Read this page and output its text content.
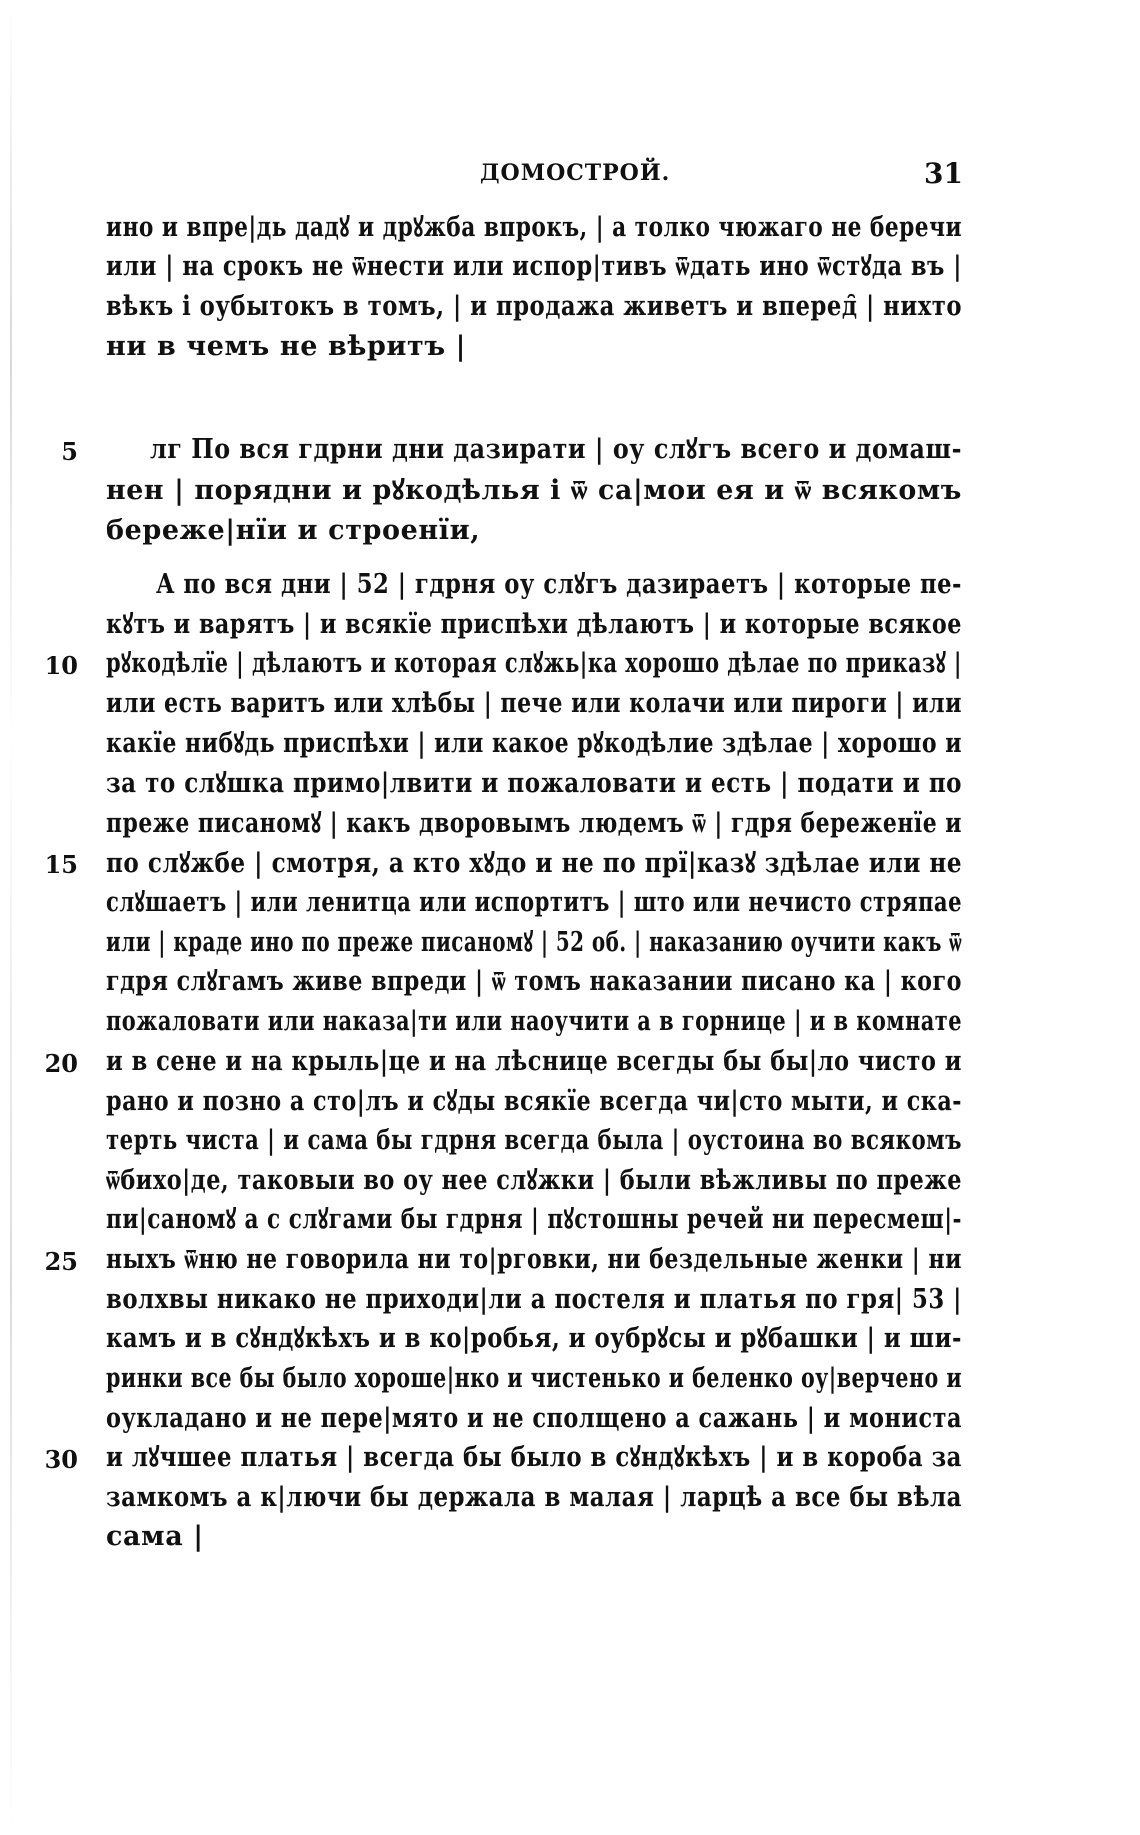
ДОМОСТРОЙ.	31
ино и впре|дь дадꙋ и дрꙋжба впрокъ, | а толко чюжаго не беречи
или | на срокъ не ѿнести или испор|тивъ ѿдать ино ѿстꙋда въ |
вѣкъ і оубытокъ в томъ, | и продажа живетъ и вперед̑ | нихто
ни в чемъ не вѣритъ |
лг По вся гдрни дни дазирати | оу слꙋгъ всего и домаш-
нен | порядни и рꙋкодѣлья і ѿ са|мои ея и ѿ всякомъ
береже|нїи и строенїи,
А по вся дни | 52 | гдрня оу слꙋгъ дазираетъ | которые пе-
кꙋтъ и варятъ | и всякїе приспѣхи дѣлаютъ | и которые всякое
рꙋкодѣлїе | дѣлаютъ и которая слꙋжь|ка хорошо дѣлае по приказꙋ |
или есть варитъ или хлѣбы | пече или колачи или пироги | или
какїе нибꙋдь приспѣхи | или какое рꙋкодѣлие здѣлае | хорошо и
за то слꙋшка примо|лвити и пожаловати и есть | подати и по
преже писаномꙋ | какъ дворовымъ людемъ ѿ | гдря береженїе и
по слꙋжбе | смотря, а кто хꙋдо и не по прї|казꙋ здѣлае или не
слꙋшаетъ | или ленитца или испортитъ | што или нечисто стряпае
или | краде ино по преже писаномꙋ | 52 об. | наказанию оучити какъ ѿ
гдря слꙋгамъ живе впреди | ѿ томъ наказании писано ка | кого
пожаловати или наказа|ти или наоучити а в горнице | и в комнате
и в сене и на крыль|це и на лѣснице всегды бы бы|ло чисто и
рано и позно а сто|лъ и сꙋды всякїе всегда чи|сто мыти, и ска-
терть чиста | и сама бы гдрня всегда была | оустоина во всякомъ
ѿбихо|де, таковыи во оу нее слꙋжки | были вѣжливы по преже
пи|саномꙋ а с слꙋгами бы гдрня | пꙋстошны речей ни пересмеш|-
ныхъ ѿню не говорила ни то|рговки, ни бездельные женки | ни
волхвы никако не приходи|ли а постеля и платья по гря| 53 |
камъ и в сꙋндꙋкѣхъ и в ко|робья, и оубрꙋсы и рꙋбашки | и ши-
ринки все бы было хороше|нко и чистенько и беленко оу|верчено и
оукладано и не пере|мято и не сполщено а сажань | и монистa
и лꙋчшее платья | всегда бы было в сꙋндꙋкѣхъ | и в короба за
замкомъ а к|лючи бы держала в малая | ларцѣ а все бы вѣла
сама |
5
10
15
20
25
30
